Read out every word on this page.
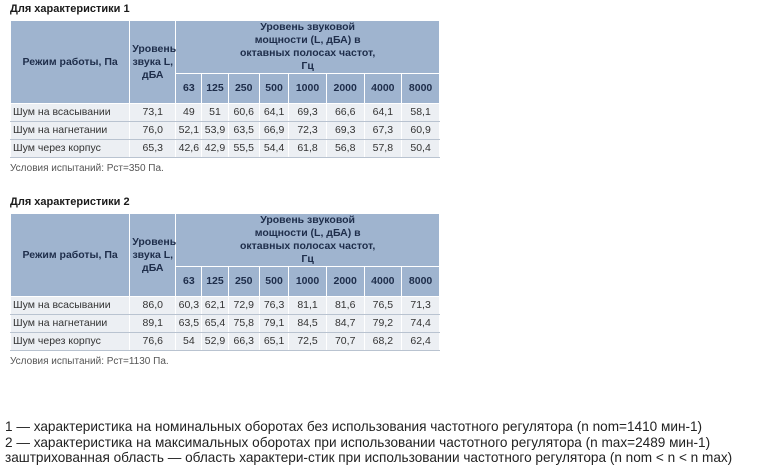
Для характеристики 1
Режим работы, Па	Уровень звука L, дБА	Уровень звуковой мощности (L, дБА) в октавных полосах частот, Гц							
		63	125	250	500	1000	2000	4000	8000
Шум на всасывании	73,1	49	51	60,6	64,1	69,3	66,6	64,1	58,1
Шум на нагнетании	76,0	52,1	53,9	63,5	66,9	72,3	69,3	67,3	60,9
Шум через корпус	65,3	42,6	42,9	55,5	54,4	61,8	56,8	57,8	50,4
Условия испытаний: Рст=350 Па.
Для характеристики 2
Режим работы, Па	Уровень звука L, дБА	Уровень звуковой мощности (L, дБА) в октавных полосах частот, Гц							
		63	125	250	500	1000	2000	4000	8000
Шум на всасывании	86,0	60,3	62,1	72,9	76,3	81,1	81,6	76,5	71,3
Шум на нагнетании	89,1	63,5	65,4	75,8	79,1	84,5	84,7	79,2	74,4
Шум через корпус	76,6	54	52,9	66,3	65,1	72,5	70,7	68,2	62,4
Условия испытаний: Рст=1130 Па.
1 — характеристика на номинальных оборотах без использования частотного регулятора (n nom=1410 мин-1)
2 — характеристика на максимальных оборотах при использовании частотного регулятора (n max=2489 мин-1)
заштрихованная область — область характери-стик при использовании частотного регулятора (n nom < n < n max)
